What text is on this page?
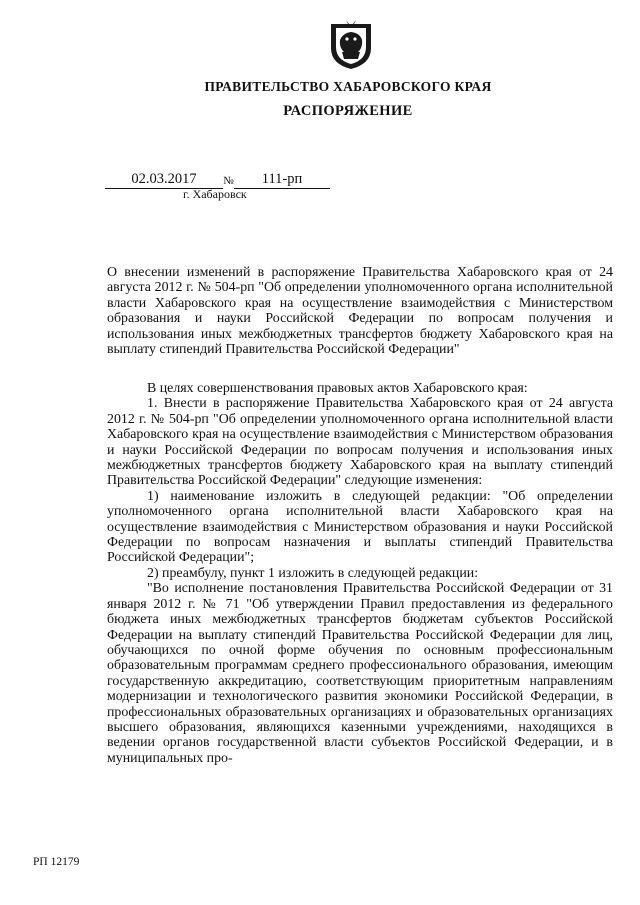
ПРАВИТЕЛЬСТВО ХАБАРОВСКОГО КРАЯ
РАСПОРЯЖЕНИЕ
02.03.2017	№	111-рп
г. Хабаровск
О внесении изменений в распоряжение Правительства Хабаровского края от 24 августа 2012 г. № 504-рп "Об определении уполномоченного органа исполнительной власти Хабаровского края на осуществление взаимодействия с Министерством образования и науки Российской Федерации по вопросам получения и использования иных межбюджетных трансфертов бюджету Хабаровского края на выплату стипендий Правительства Российской Федерации"

В целях совершенствования правовых актов Хабаровского края:

1. Внести в распоряжение Правительства Хабаровского края от 24 августа 2012 г. № 504-рп "Об определении уполномоченного органа исполнительной власти Хабаровского края на осуществление взаимодействия с Министерством образования и науки Российской Федерации по вопросам получения и использования иных межбюджетных трансфертов бюджету Хабаровского края на выплату стипендий Правительства Российской Федерации" следующие изменения:

1) наименование изложить в следующей редакции: "Об определении уполномоченного органа исполнительной власти Хабаровского края на осуществление взаимодействия с Министерством образования и науки Российской Федерации по вопросам назначения и выплаты стипендий Правительства Российской Федерации";

2) преамбулу, пункт 1 изложить в следующей редакции:

"Во исполнение постановления Правительства Российской Федерации от 31 января 2012 г. № 71 "Об утверждении Правил предоставления из федерального бюджета иных межбюджетных трансфертов бюджетам субъектов Российской Федерации на выплату стипендий Правительства Российской Федерации для лиц, обучающихся по очной форме обучения по основным профессиональным образовательным программам среднего профессионального образования, имеющим государственную аккредитацию, соответствующим приоритетным направлениям модернизации и технологического развития экономики Российской Федерации, в профессиональных образовательных организациях и образовательных организациях высшего образования, являющихся казенными учреждениями, находящихся в ведении органов государственной власти субъектов Российской Федерации, и в муниципальных про-

РП 12179
